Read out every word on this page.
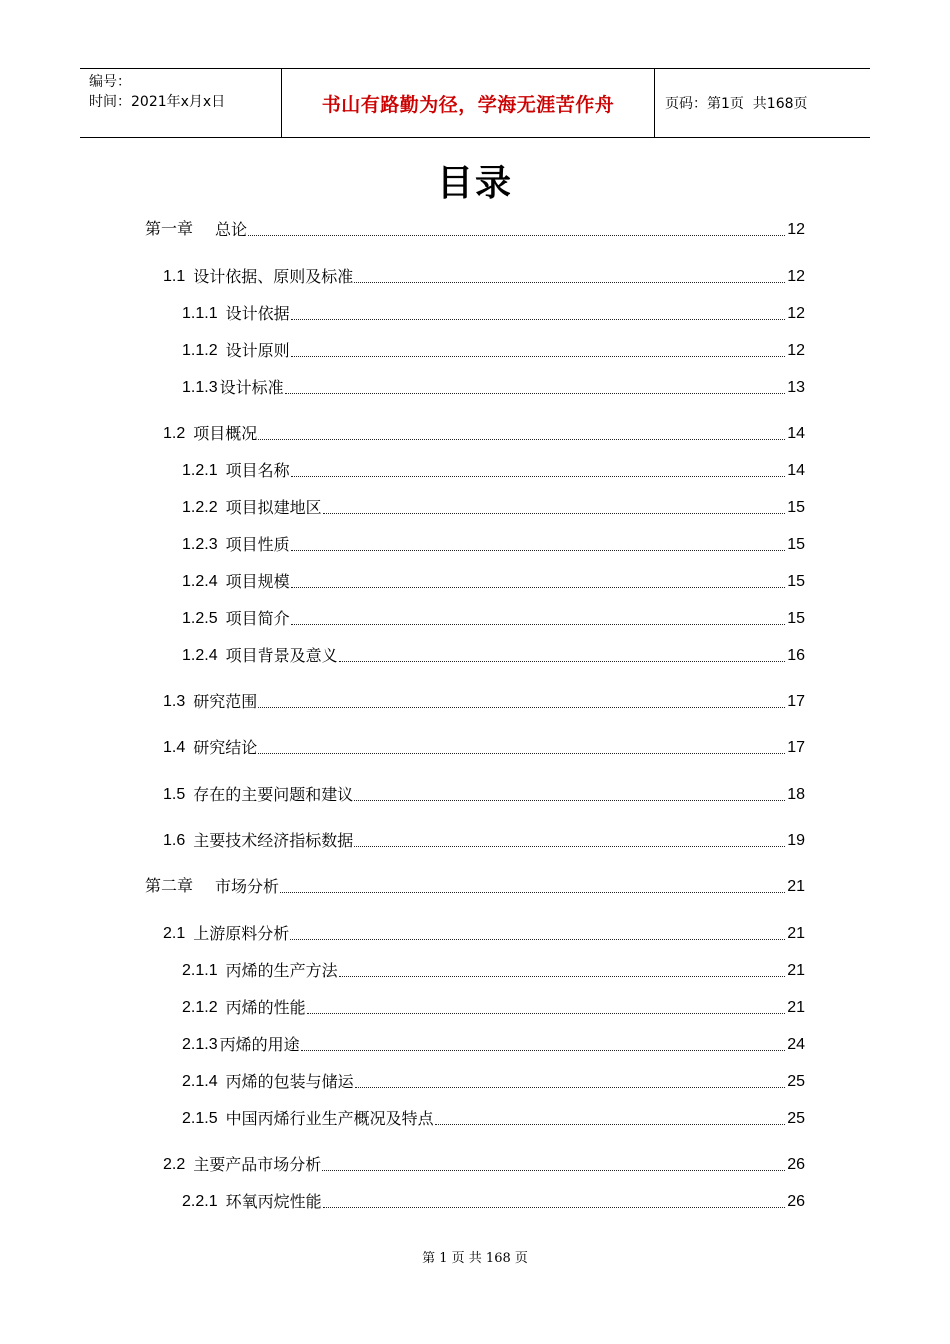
编号：
时间：2021年x月x日	书山有路勤为径，学海无涯苦作舟	页码：第1页  共168页
目录
第一章 总论	12
1.1 设计依据、原则及标准	12
1.1.1 设计依据	12
1.1.2 设计原则	12
1.1.3 设计标准	13
1.2 项目概况	14
1.2.1 项目名称	14
1.2.2 项目拟建地区	15
1.2.3 项目性质	15
1.2.4 项目规模	15
1.2.5 项目简介	15
1.2.4 项目背景及意义	16
1.3 研究范围	17
1.4 研究结论	17
1.5 存在的主要问题和建议	18
1.6 主要技术经济指标数据	19
第二章 市场分析	21
2.1 上游原料分析	21
2.1.1 丙烯的生产方法	21
2.1.2 丙烯的性能	21
2.1.3 丙烯的用途	24
2.1.4 丙烯的包装与储运	25
2.1.5 中国丙烯行业生产概况及特点	25
2.2 主要产品市场分析	26
2.2.1 环氧丙烷性能	26
第 1 页 共 168 页
